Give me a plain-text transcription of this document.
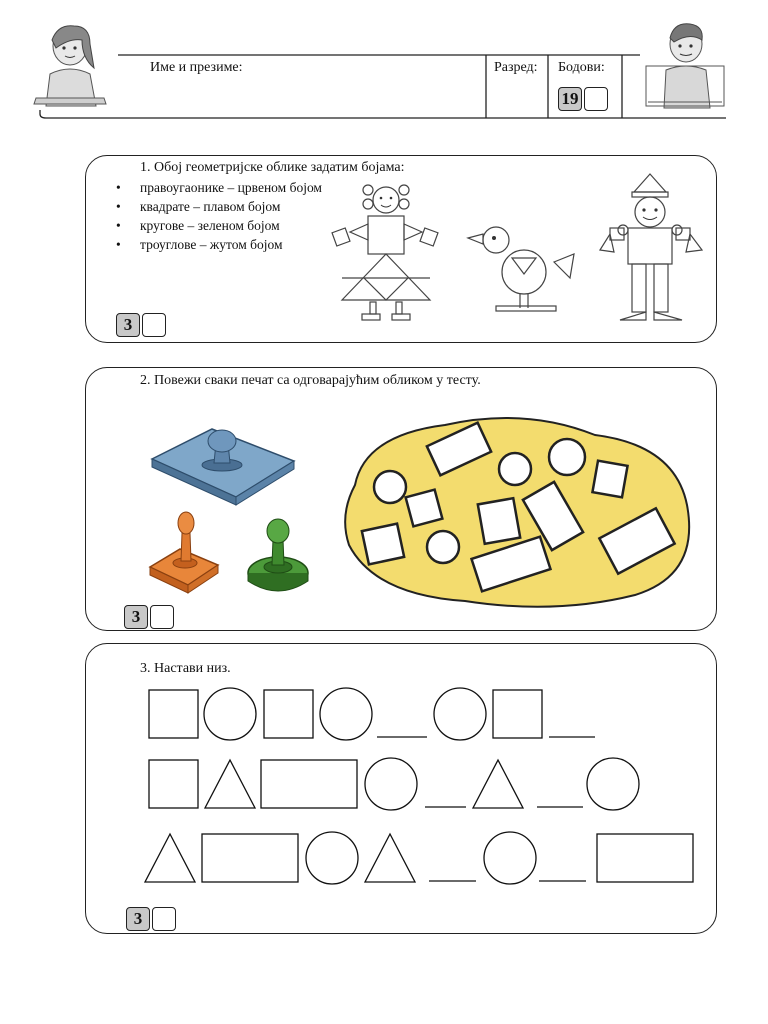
Име и презиме:	Разред: Бодови:
19
1. Обој геометријске облике задатим бојама:
• правоугаонике – црвеном бојом
• квадрате – плавом бојом
• кругове – зеленом бојом
• троуглове – жутом бојом
3
2. Повежи сваки печат са одговарајућим обликом у тесту.
3
3. Настави низ.
3
